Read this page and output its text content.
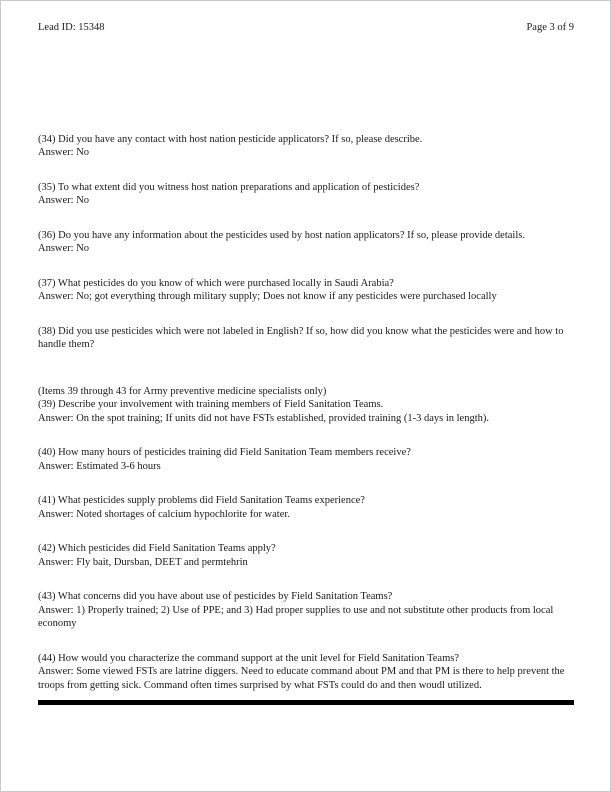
Lead ID: 15348	Page 3 of 9

(34) Did you have any contact with host nation pesticide applicators? If so, please describe.

Answer: No

(35) To what extent did you witness host nation preparations and application of pesticides?

Answer: No

(36) Do you have any information about the pesticides used by host nation applicators? If so, please provide details.

Answer: No

(37) What pesticides do you know of which were purchased locally in Saudi Arabia?

Answer: No; got everything through military supply; Does not know if any pesticides were purchased locally

(38) Did you use pesticides which were not labeled in English? If so, how did you know what the pesticides were and how to handle them?

(Items 39 through 43 for Army preventive medicine specialists only)

(39) Describe your involvement with training members of Field Sanitation Teams.

Answer: On the spot training; If units did not have FSTs established, provided training (1-3 days in length).

(40) How many hours of pesticides training did Field Sanitation Team members receive?

Answer: Estimated 3-6 hours

(41) What pesticides supply problems did Field Sanitation Teams experience?

Answer: Noted shortages of calcium hypochlorite for water.

(42) Which pesticides did Field Sanitation Teams apply?

Answer: Fly bait, Dursban, DEET and permtehrin

(43) What concerns did you have about use of pesticides by Field Sanitation Teams?

Answer: 1) Properly trained; 2) Use of PPE; and 3) Had proper supplies to use and not substitute other products from local economy

(44) How would you characterize the command support at the unit level for Field Sanitation Teams?

Answer: Some viewed FSTs are latrine diggers. Need to educate command about PM and that PM is there to help prevent the troops from getting sick. Command often times surprised by what FSTs could do and then woudl utilized.
